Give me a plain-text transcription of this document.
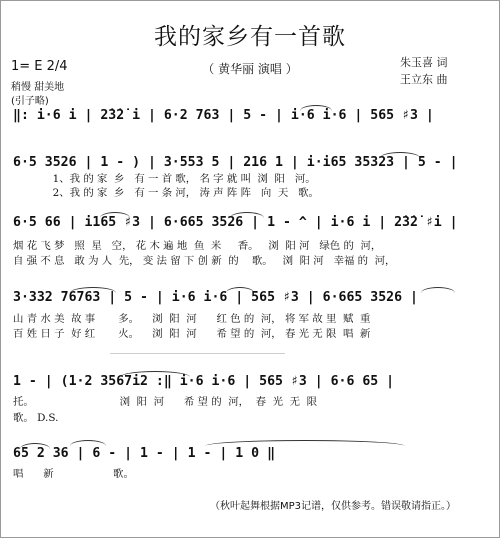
我的家乡有一首歌
（ 黄华丽 演唱 ）	朱玉喜 词
王立东 曲
1= E 2/4
稍慢 甜美地
(引子略)
‖: i·6 i | 2̇3̇2̇ i | 6·2 763 | 5 - | i·6 i·6 | 565 ♯3 |
6·5 3526 | 1 - ) | 3·553 5 | 216 1 | i·i65 35323 | 5 - |
1、我 的 家  乡   有 一 首 歌， 名 字 就 叫  浏  阳   河。
2、我 的 家  乡   有 一 条 河， 涛 声 阵 阵   向  天   歌。
6·5 66 | i165 ♯3 | 6·665 3526 | 1 - ^ | i·6 i | 2̇3̇2̇ ♯i |
烟 花 飞 梦   照  星   空， 花 木 遍 地  鱼  米     香。   浏  阳 河   绿色 的  河，
自 强 不 息   敢 为 人  先， 变 法 留 下 创 新  的    歌。   浏  阳 河   幸福 的  河，
3·332 76763 | 5 - | i·6 i·6 | 565 ♯3 | 6·665 3526 |
山 青 水 美  故 事       多。    浏  阳  河      红 色 的  河， 将 军 故 里  赋  重
百 姓 日 子  好 红       火。    浏  阳  河      希 望 的  河， 春 光 无 限  唱  新
1 - | (1·2 3567i2 :‖ i·6 i·6 | 565 ♯3 | 6·6 65 |
托。                          浏  阳  河      希 望 的  河，  春  光  无  限
歌。 D.S.
65 2 36 | 6 - | 1 - | 1 - | 1 0 ‖
唱      新                  歌。
（秋叶起舞根据MP3记谱，仅供参考。错误敬请指正。）
